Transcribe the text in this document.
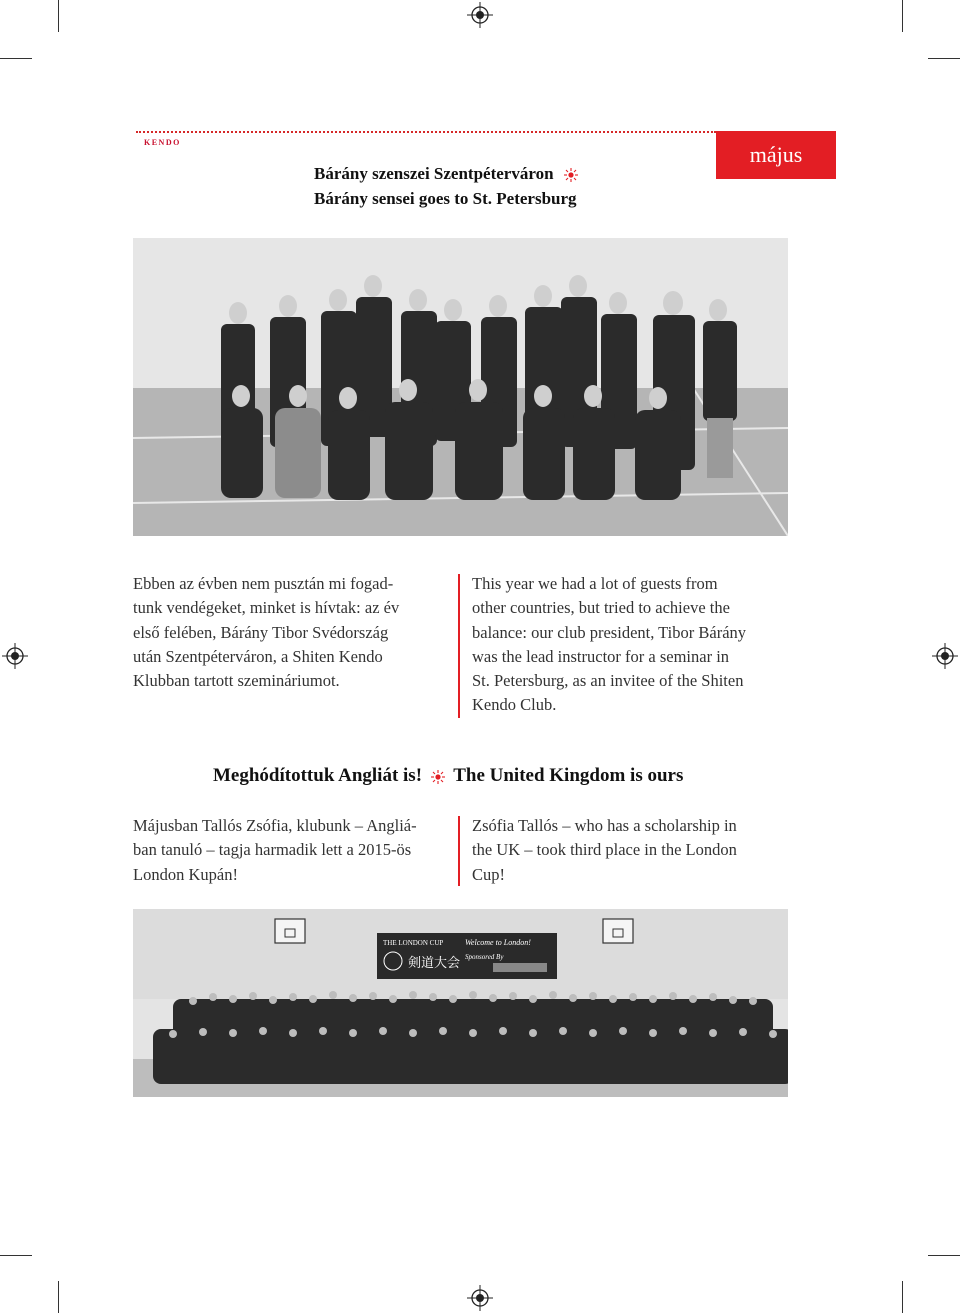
kendo	május
Bárány szenszei Szentpéterváron
Bárány sensei goes to St. Petersburg
Ebben az évben nem pusztán mi fogad-
tunk vendégeket, minket is hívtak: az év
első felében, Bárány Tibor Svédország
után Szentpéterváron, a Shiten Kendo
Klubban tartott szemináriumot.
This year we had a lot of guests from
other countries, but tried to achieve the
balance: our club president, Tibor Bárány
was the lead instructor for a seminar in
St. Petersburg, as an invitee of the Shiten
Kendo Club.
Meghódítottuk Angliát is! The United Kingdom is ours
Májusban Tallós Zsófia, klubunk – Angliá-
ban tanuló – tagja harmadik lett a 2015-ös
London Kupán!
Zsófia Tallós – who has a scholarship in
the UK – took third place in the London
Cup!
THE LONDON CUP
剣道大会
Welcome to London!
Sponsored By
